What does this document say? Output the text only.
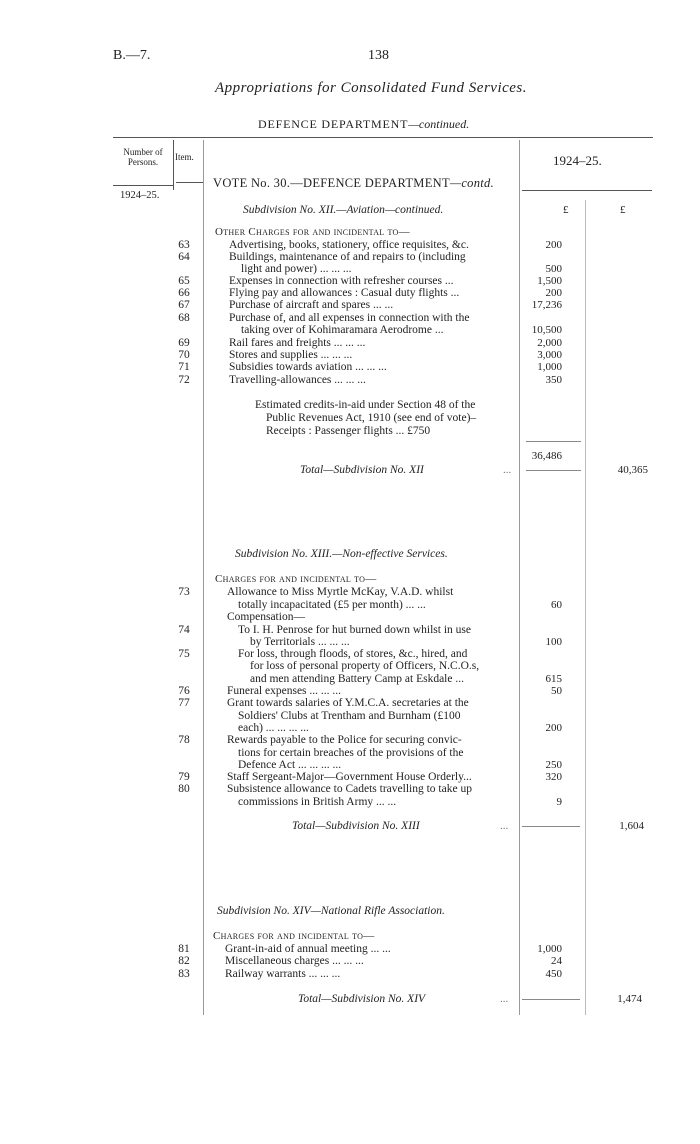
B.—7.	138
Appropriations for Consolidated Fund Services.
DEFENCE DEPARTMENT—continued.
Number of Persons.	Item.	1924–25.
1924–25.
VOTE No. 30.—DEFENCE DEPARTMENT—contd.
Subdivision No. XII.—Aviation—continued.	£	£
Other Charges for and incidental to—
63	Advertising, books, stationery, office requisites, &c.	200
64	Buildings, maintenance of and repairs to (including
light and power) ... ... ...	500
65	Expenses in connection with refresher courses ...	1,500
66	Flying pay and allowances : Casual duty flights ...	200
67	Purchase of aircraft and spares ... ...	17,236
68	Purchase of, and all expenses in connection with the
taking over of Kohimaramara Aerodrome ...	10,500
69	Rail fares and freights ... ... ...	2,000
70	Stores and supplies ... ... ...	3,000
71	Subsidies towards aviation ... ... ...	1,000
72	Travelling-allowances ... ... ...	350
Estimated credits-in-aid under Section 48 of the
Public Revenues Act, 1910 (see end of vote)–
Receipts : Passenger flights ... £750
36,486
Total—Subdivision No. XII	...	40,365
Subdivision No. XIII.—Non-effective Services.
Charges for and incidental to—
73	Allowance to Miss Myrtle McKay, V.A.D. whilst
totally incapacitated (£5 per month) ... ...	60
Compensation—
74	To I. H. Penrose for hut burned down whilst in use
by Territorials ... ... ...	100
75	For loss, through floods, of stores, &c., hired, and
for loss of personal property of Officers, N.C.O.s,
and men attending Battery Camp at Eskdale ...	615
76	Funeral expenses ... ... ...	50
77	Grant towards salaries of Y.M.C.A. secretaries at the
Soldiers' Clubs at Trentham and Burnham (£100
each) ... ... ... ...	200
78	Rewards payable to the Police for securing convic-
tions for certain breaches of the provisions of the
Defence Act ... ... ... ...	250
79	Staff Sergeant-Major—Government House Orderly...	320
80	Subsistence allowance to Cadets travelling to take up
commissions in British Army ... ...	9
Total—Subdivision No. XIII	...	1,604
Subdivision No. XIV—National Rifle Association.
Charges for and incidental to—
81	Grant-in-aid of annual meeting ... ...	1,000
82	Miscellaneous charges ... ... ...	24
83	Railway warrants ... ... ...	450
Total—Subdivision No. XIV	...	1,474
